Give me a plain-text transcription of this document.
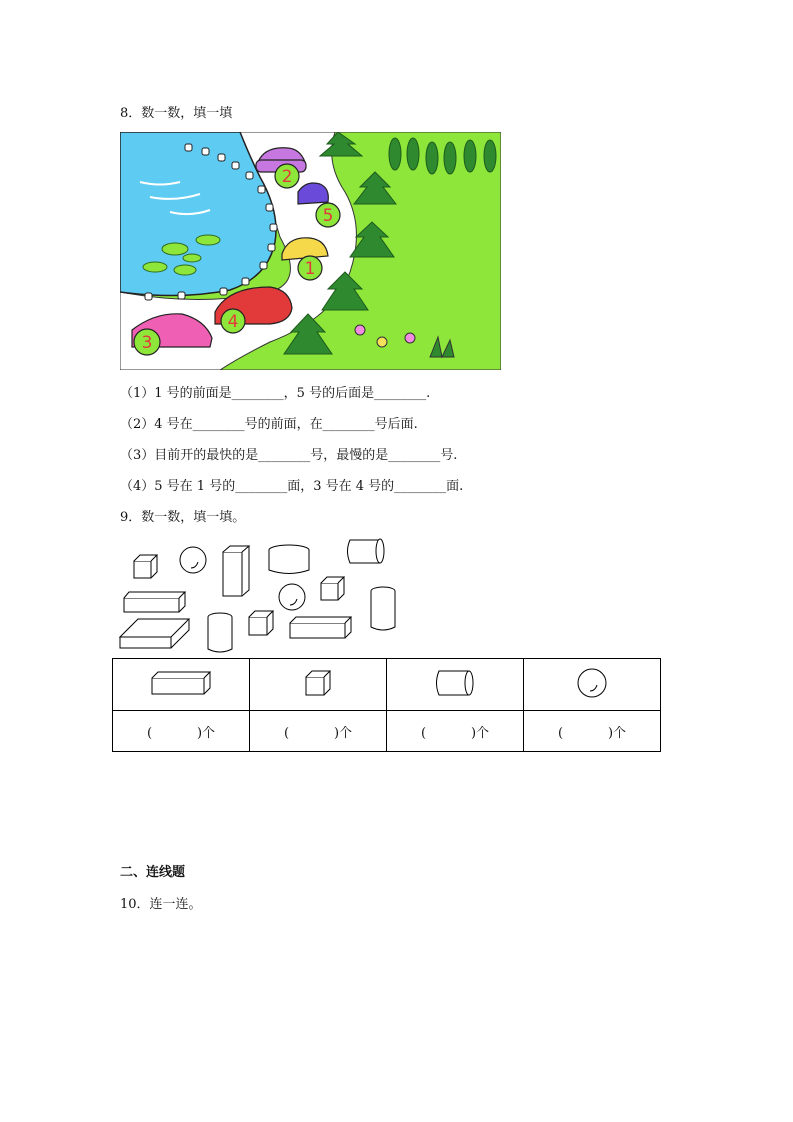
8．数一数，填一填
2
5
1
4
3
（1）1 号的前面是________，5 号的后面是________.
（2）4 号在________号的前面，在________号后面.
（3）目前开的最快的是________号，最慢的是________号.
（4）5 号在 1 号的________面，3 号在 4 号的________面.
9．数一数，填一填。

( )个	( )个	( )个	( )个
二、连线题
10．连一连。
